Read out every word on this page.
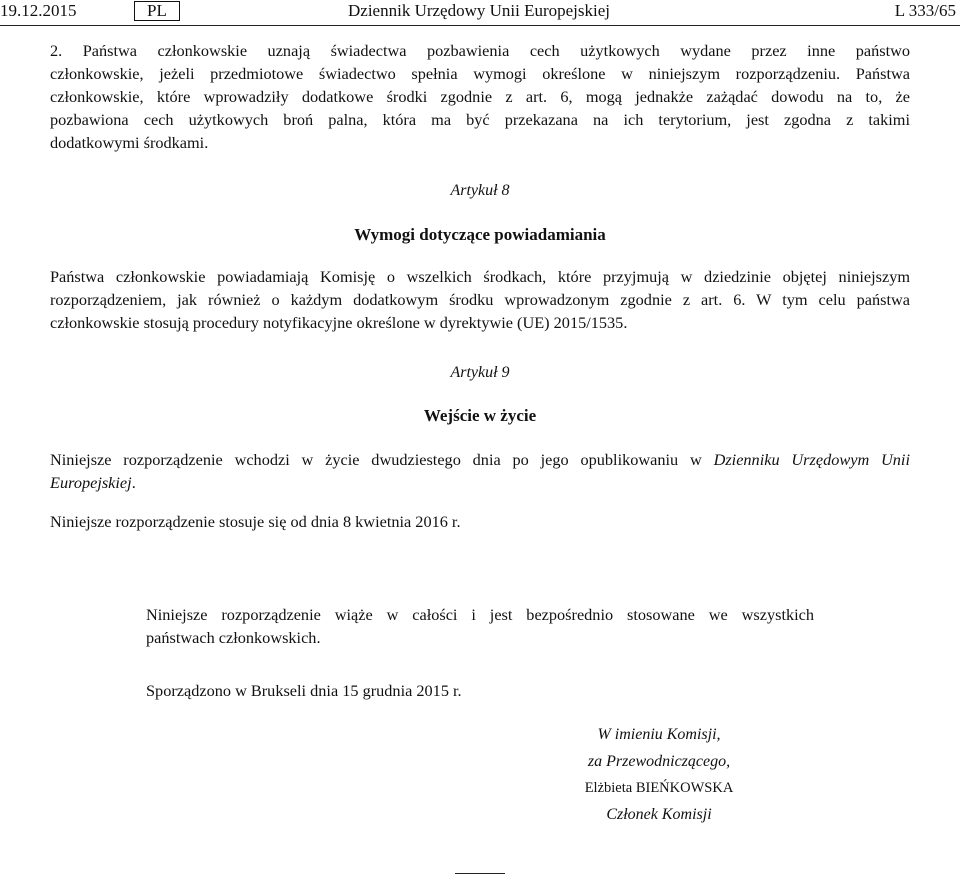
19.12.2015	PL	Dziennik Urzędowy Unii Europejskiej	L 333/65
2. Państwa członkowskie uznają świadectwa pozbawienia cech użytkowych wydane przez inne państwo
członkowskie, jeżeli przedmiotowe świadectwo spełnia wymogi określone w niniejszym rozporządzeniu. Państwa
członkowskie, które wprowadziły dodatkowe środki zgodnie z art. 6, mogą jednakże zażądać dowodu na to, że
pozbawiona cech użytkowych broń palna, która ma być przekazana na ich terytorium, jest zgodna z takimi
dodatkowymi środkami.
Artykuł 8
Wymogi dotyczące powiadamiania
Państwa członkowskie powiadamiają Komisję o wszelkich środkach, które przyjmują w dziedzinie objętej niniejszym
rozporządzeniem, jak również o każdym dodatkowym środku wprowadzonym zgodnie z art. 6. W tym celu państwa
członkowskie stosują procedury notyfikacyjne określone w dyrektywie (UE) 2015/1535.
Artykuł 9
Wejście w życie
Niniejsze rozporządzenie wchodzi w życie dwudziestego dnia po jego opublikowaniu w Dzienniku Urzędowym Unii
Europejskiej.
Niniejsze rozporządzenie stosuje się od dnia 8 kwietnia 2016 r.
Niniejsze rozporządzenie wiąże w całości i jest bezpośrednio stosowane we wszystkich
państwach członkowskich.
Sporządzono w Brukseli dnia 15 grudnia 2015 r.
W imieniu Komisji,
za Przewodniczącego,
Elżbieta BIEŃKOWSKA
Członek Komisji
